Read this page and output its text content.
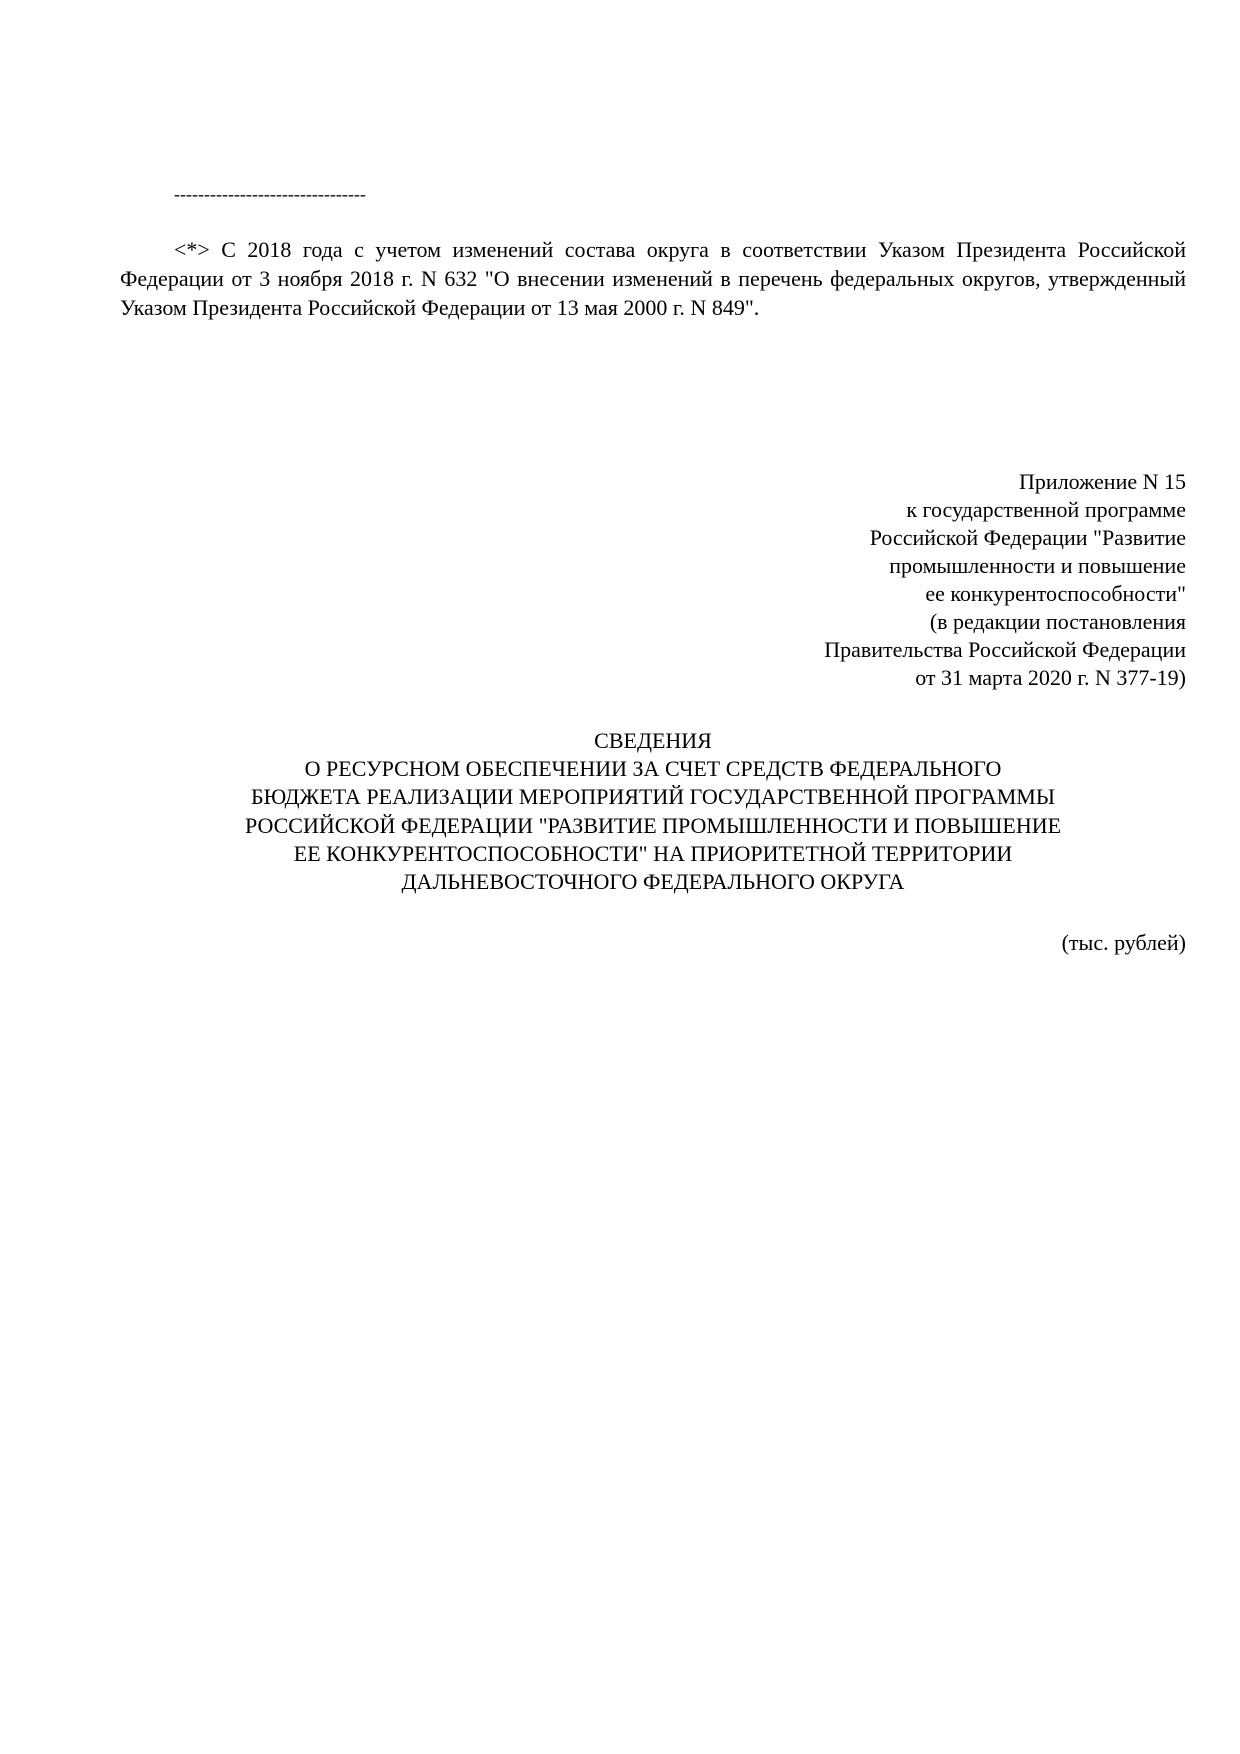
--------------------------------
<*> С 2018 года с учетом изменений состава округа в соответствии Указом Президента Российской Федерации от 3 ноября 2018 г. N 632 "О внесении изменений в перечень федеральных округов, утвержденный Указом Президента Российской Федерации от 13 мая 2000 г. N 849".
Приложение N 15
к государственной программе
Российской Федерации "Развитие
промышленности и повышение
ее конкурентоспособности"
(в редакции постановления
Правительства Российской Федерации
от 31 марта 2020 г. N 377-19)
СВЕДЕНИЯ
О РЕСУРСНОМ ОБЕСПЕЧЕНИИ ЗА СЧЕТ СРЕДСТВ ФЕДЕРАЛЬНОГО
БЮДЖЕТА РЕАЛИЗАЦИИ МЕРОПРИЯТИЙ ГОСУДАРСТВЕННОЙ ПРОГРАММЫ
РОССИЙСКОЙ ФЕДЕРАЦИИ "РАЗВИТИЕ ПРОМЫШЛЕННОСТИ И ПОВЫШЕНИЕ
ЕЕ КОНКУРЕНТОСПОСОБНОСТИ" НА ПРИОРИТЕТНОЙ ТЕРРИТОРИИ
ДАЛЬНЕВОСТОЧНОГО ФЕДЕРАЛЬНОГО ОКРУГА
(тыс. рублей)
